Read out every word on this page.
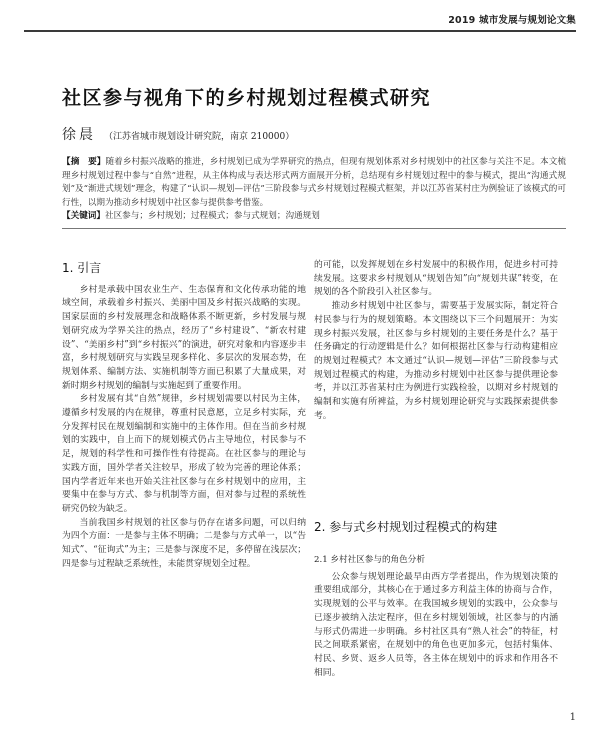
2019 城市发展与规划论文集
社区参与视角下的乡村规划过程模式研究
徐晨 （江苏省城市规划设计研究院，南京 210000）
【摘　要】随着乡村振兴战略的推进，乡村规划已成为学界研究的热点，但现有规划体系对乡村规划中的社区参与关注不足。本文梳理乡村规划过程中参与“自然”进程，从主体构成与表达形式两方面展开分析，总结现有乡村规划过程中的参与模式，提出“沟通式规划”及“渐进式规划”理念，构建了“认识—规划—评估”三阶段参与式乡村规划过程模式框架，并以江苏省某村庄为例验证了该模式的可行性，以期为推动乡村规划中社区参与提供参考借鉴。
【关键词】社区参与；乡村规划；过程模式；参与式规划；沟通规划
1. 引言

乡村是承载中国农业生产、生态保育和文化传承功能的地域空间，承载着乡村振兴、美丽中国及乡村振兴战略的实现。国家层面的乡村发展理念和战略体系不断更新，乡村发展与规划研究成为学界关注的热点，经历了“乡村建设”、“新农村建设”、“美丽乡村”到“乡村振兴”的演进，研究对象和内容逐步丰富，乡村规划研究与实践呈现多样化、多层次的发展态势，在规划体系、编制方法、实施机制等方面已积累了大量成果，对新时期乡村规划的编制与实施起到了重要作用。

乡村发展有其“自然”规律，乡村规划需要以村民为主体，遵循乡村发展的内在规律，尊重村民意愿，立足乡村实际，充分发挥村民在规划编制和实施中的主体作用。但在当前乡村规划的实践中，自上而下的规划模式仍占主导地位，村民参与不足，规划的科学性和可操作性有待提高。在社区参与的理论与实践方面，国外学者关注较早，形成了较为完善的理论体系；国内学者近年来也开始关注社区参与在乡村规划中的应用，主要集中在参与方式、参与机制等方面，但对参与过程的系统性研究仍较为缺乏。

当前我国乡村规划的社区参与仍存在诸多问题，可以归纳为四个方面：一是参与主体不明确；二是参与方式单一，以“告知式”、“征询式”为主；三是参与深度不足，多停留在浅层次；四是参与过程缺乏系统性，未能贯穿规划全过程。

的可能，以发挥规划在乡村发展中的积极作用，促进乡村可持续发展。这要求乡村规划从“规划告知”向“规划共谋”转变，在规划的各个阶段引入社区参与。

推动乡村规划中社区参与，需要基于发展实际，制定符合村民参与行为的规划策略。本文围绕以下三个问题展开：为实现乡村振兴发展，社区参与乡村规划的主要任务是什么？基于任务确定的行动逻辑是什么？如何根据社区参与行动构建相应的规划过程模式？本文通过“认识—规划—评估”三阶段参与式规划过程模式的构建，为推动乡村规划中社区参与提供理论参考，并以江苏省某村庄为例进行实践检验，以期对乡村规划的编制和实施有所裨益，为乡村规划理论研究与实践探索提供参考。

2. 参与式乡村规划过程模式的构建
2.1 乡村社区参与的角色分析

公众参与规划理论最早由西方学者提出，作为规划决策的重要组成部分，其核心在于通过多方利益主体的协商与合作，实现规划的公平与效率。在我国城乡规划的实践中，公众参与已逐步被纳入法定程序，但在乡村规划领域，社区参与的内涵与形式仍需进一步明确。乡村社区具有“熟人社会”的特征，村民之间联系紧密，在规划中的角色也更加多元，包括村集体、村民、乡贤、返乡人员等，各主体在规划中的诉求和作用各不相同。

1
